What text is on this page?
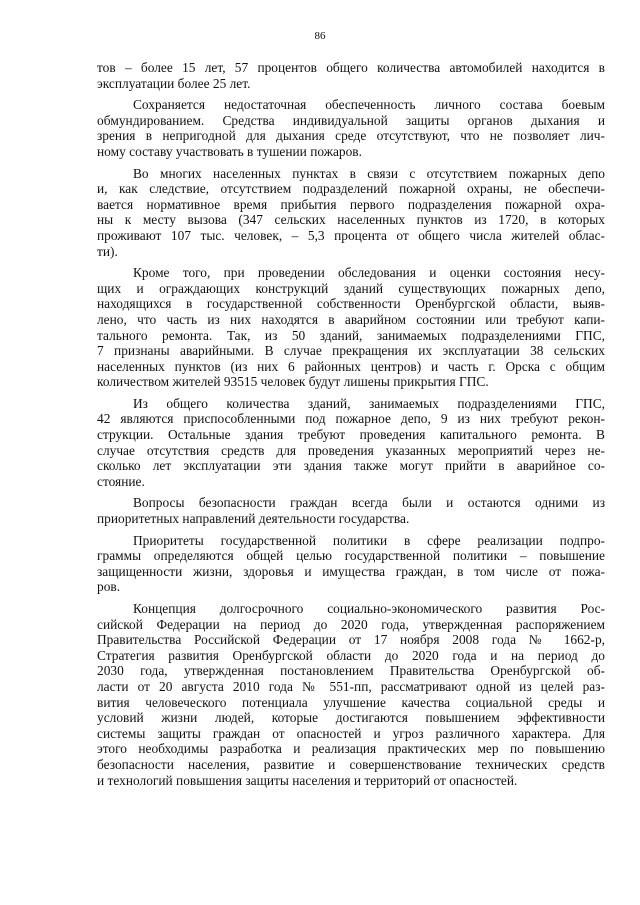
86
тов – более 15 лет, 57 процентов общего количества автомобилей находится в
эксплуатации более 25 лет.
Сохраняется недостаточная обеспеченность личного состава боевым
обмундированием. Средства индивидуальной защиты органов дыхания и
зрения в непригодной для дыхания среде отсутствуют, что не позволяет лич-
ному составу участвовать в тушении пожаров.
Во многих населенных пунктах в связи с отсутствием пожарных депо
и, как следствие, отсутствием подразделений пожарной охраны, не обеспечи-
вается нормативное время прибытия первого подразделения пожарной охра-
ны к месту вызова (347 сельских населенных пунктов из 1720, в которых
проживают 107 тыс. человек, – 5,3 процента от общего числа жителей облас-
ти).
Кроме того, при проведении обследования и оценки состояния несу-
щих и ограждающих конструкций зданий существующих пожарных депо,
находящихся в государственной собственности Оренбургской области, выяв-
лено, что часть из них находятся в аварийном состоянии или требуют капи-
тального ремонта. Так, из 50 зданий, занимаемых подразделениями ГПС,
7 признаны аварийными. В случае прекращения их эксплуатации 38 сельских
населенных пунктов (из них 6 районных центров) и часть г. Орска с общим
количеством жителей 93515 человек будут лишены прикрытия ГПС.
Из общего количества зданий, занимаемых подразделениями ГПС,
42 являются приспособленными под пожарное депо, 9 из них требуют рекон-
струкции. Остальные здания требуют проведения капитального ремонта. В
случае отсутствия средств для проведения указанных мероприятий через не-
сколько лет эксплуатации эти здания также могут прийти в аварийное со-
стояние.
Вопросы безопасности граждан всегда были и остаются одними из
приоритетных направлений деятельности государства.
Приоритеты государственной политики в сфере реализации подпро-
граммы определяются общей целью государственной политики – повышение
защищенности жизни, здоровья и имущества граждан, в том числе от пожа-
ров.
Концепция долгосрочного социально-экономического развития Рос-
сийской Федерации на период до 2020 года, утвержденная распоряжением
Правительства Российской Федерации от 17 ноября 2008 года № 1662-р,
Стратегия развития Оренбургской области до 2020 года и на период до
2030 года, утвержденная постановлением Правительства Оренбургской об-
ласти от 20 августа 2010 года № 551-пп, рассматривают одной из целей раз-
вития человеческого потенциала улучшение качества социальной среды и
условий жизни людей, которые достигаются повышением эффективности
системы защиты граждан от опасностей и угроз различного характера. Для
этого необходимы разработка и реализация практических мер по повышению
безопасности населения, развитие и совершенствование технических средств
и технологий повышения защиты населения и территорий от опасностей.
